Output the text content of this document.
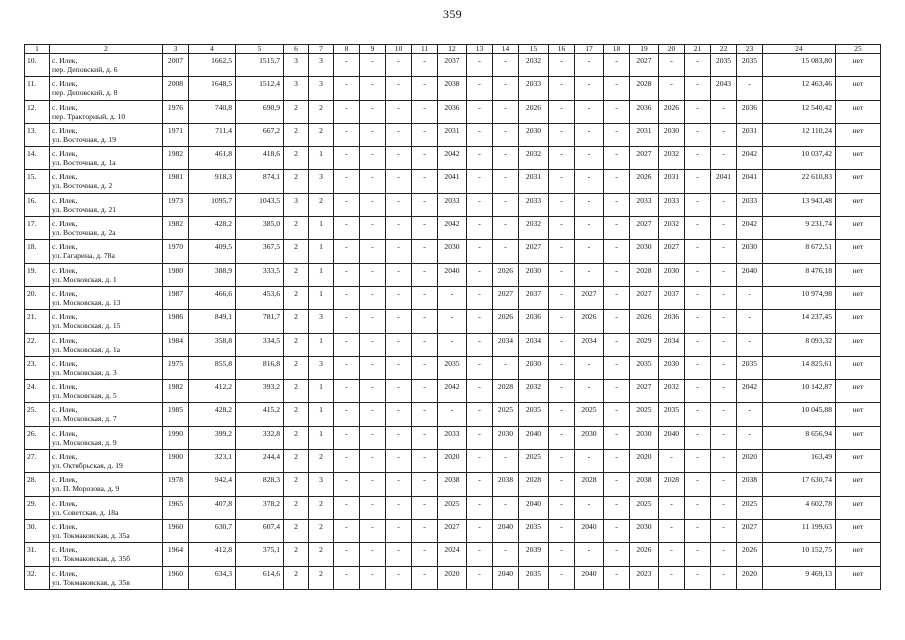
359
1	2	3	4	5	6	7	8	9	10	11	12	13	14	15	16	17	18	19	20	21	22	23	24	25
10.	с. Илек,
пер. Деповский, д. 6	2007	1662,5	1515,7	3	3	-	-	-	-	2037	-	-	2032	-	-	-	2027	-	-	2035	2035	15 083,80	нет
11.	с. Илек,
пер. Деповский, д. 8	2008	1648,5	1512,4	3	3	-	-	-	-	2038	-	-	2033	-	-	-	2028	-	-	2043	-	12 463,46	нет
12.	с. Илек,
пер. Тракторный, д. 10	1976	740,8	690,9	2	2	-	-	-	-	2036	-	-	2026	-	-	-	2036	2026	-	-	2036	12 540,42	нет
13.	с. Илек,
ул. Восточная, д. 19	1971	711,4	667,2	2	2	-	-	-	-	2031	-	-	2030	-	-	-	2031	2030	-	-	2031	12 110,24	нет
14.	с. Илек,
ул. Восточная, д. 1а	1982	461,8	418,6	2	1	-	-	-	-	2042	-	-	2032	-	-	-	2027	2032	-	-	2042	10 037,42	нет
15.	с. Илек,
ул. Восточная, д. 2	1981	918,3	874,1	2	3	-	-	-	-	2041	-	-	2031	-	-	-	2026	2031	-	2041	2041	22 610,83	нет
16.	с. Илек,
ул. Восточная, д. 21	1973	1095,7	1043,5	3	2	-	-	-	-	2033	-	-	2033	-	-	-	2033	2033	-	-	2033	13 943,48	нет
17.	с. Илек,
ул. Восточная, д. 2а	1982	428,2	385,0	2	1	-	-	-	-	2042	-	-	2032	-	-	-	2027	2032	-	-	2042	9 231,74	нет
18.	с. Илек,
ул. Гагарина, д. 78а	1970	409,5	367,5	2	1	-	-	-	-	2030	-	-	2027	-	-	-	2030	2027	-	-	2030	8 672,51	нет
19.	с. Илек,
ул. Московская, д. 1	1980	388,9	333,5	2	1	-	-	-	-	2040	-	2026	2030	-	-	-	2028	2030	-	-	2040	8 476,18	нет
20.	с. Илек,
ул. Московская, д. 13	1987	466,6	453,6	2	1	-	-	-	-	-	-	2027	2037	-	2027	-	2027	2037	-	-	-	10 974,98	нет
21.	с. Илек,
ул. Московская, д. 15	1986	849,1	781,7	2	3	-	-	-	-	-	-	2026	2036	-	2026	-	2026	2036	-	-	-	14 237,45	нет
22.	с. Илек,
ул. Московская, д. 1а	1984	358,8	334,5	2	1	-	-	-	-	-	-	2034	2034	-	2034	-	2029	2034	-	-	-	8 093,32	нет
23.	с. Илек,
ул. Московская, д. 3	1975	855,8	816,8	2	3	-	-	-	-	2035	-	-	2030	-	-	-	2035	2030	-	-	2035	14 825,61	нет
24.	с. Илек,
ул. Московская, д. 5	1982	412,2	393,2	2	1	-	-	-	-	2042	-	2028	2032	-	-	-	2027	2032	-	-	2042	10 142,87	нет
25.	с. Илек,
ул. Московская, д. 7	1985	428,2	415,2	2	1	-	-	-	-	-	-	2025	2035	-	2025	-	2025	2035	-	-	-	10 045,88	нет
26.	с. Илек,
ул. Московская, д. 9	1990	399,2	332,8	2	1	-	-	-	-	2033	-	2030	2040	-	2030	-	2030	2040	-	-	-	8 656,94	нет
27.	с. Илек,
ул. Октябрьская, д. 19	1900	323,1	244,4	2	2	-	-	-	-	2020	-	-	2025	-	-	-	2020	-	-	-	2020	163,49	нет
28.	с. Илек,
ул. П. Морозова, д. 9	1978	942,4	828,3	2	3	-	-	-	-	2038	-	2038	2028	-	2028	-	2038	2028	-	-	2038	17 630,74	нет
29.	с. Илек,
ул. Советская, д. 18а	1965	407,8	378,2	2	2	-	-	-	-	2025	-	-	2040	-	-	-	2025	-	-	-	2025	4 602,78	нет
30.	с. Илек,
ул. Токмаковская, д. 35а	1960	630,7	607,4	2	2	-	-	-	-	2027	-	2040	2035	-	2040	-	2030	-	-	-	2027	11 199,63	нет
31.	с. Илек,
ул. Токмаковская, д. 35б	1964	412,8	375,1	2	2	-	-	-	-	2024	-	-	2039	-	-	-	2026	-	-	-	2026	10 152,75	нет
32.	с. Илек,
ул. Токмаковская, д. 35в	1960	634,3	614,6	2	2	-	-	-	-	2020	-	2040	2035	-	2040	-	2023	-	-	-	2020	9 469,13	нет
